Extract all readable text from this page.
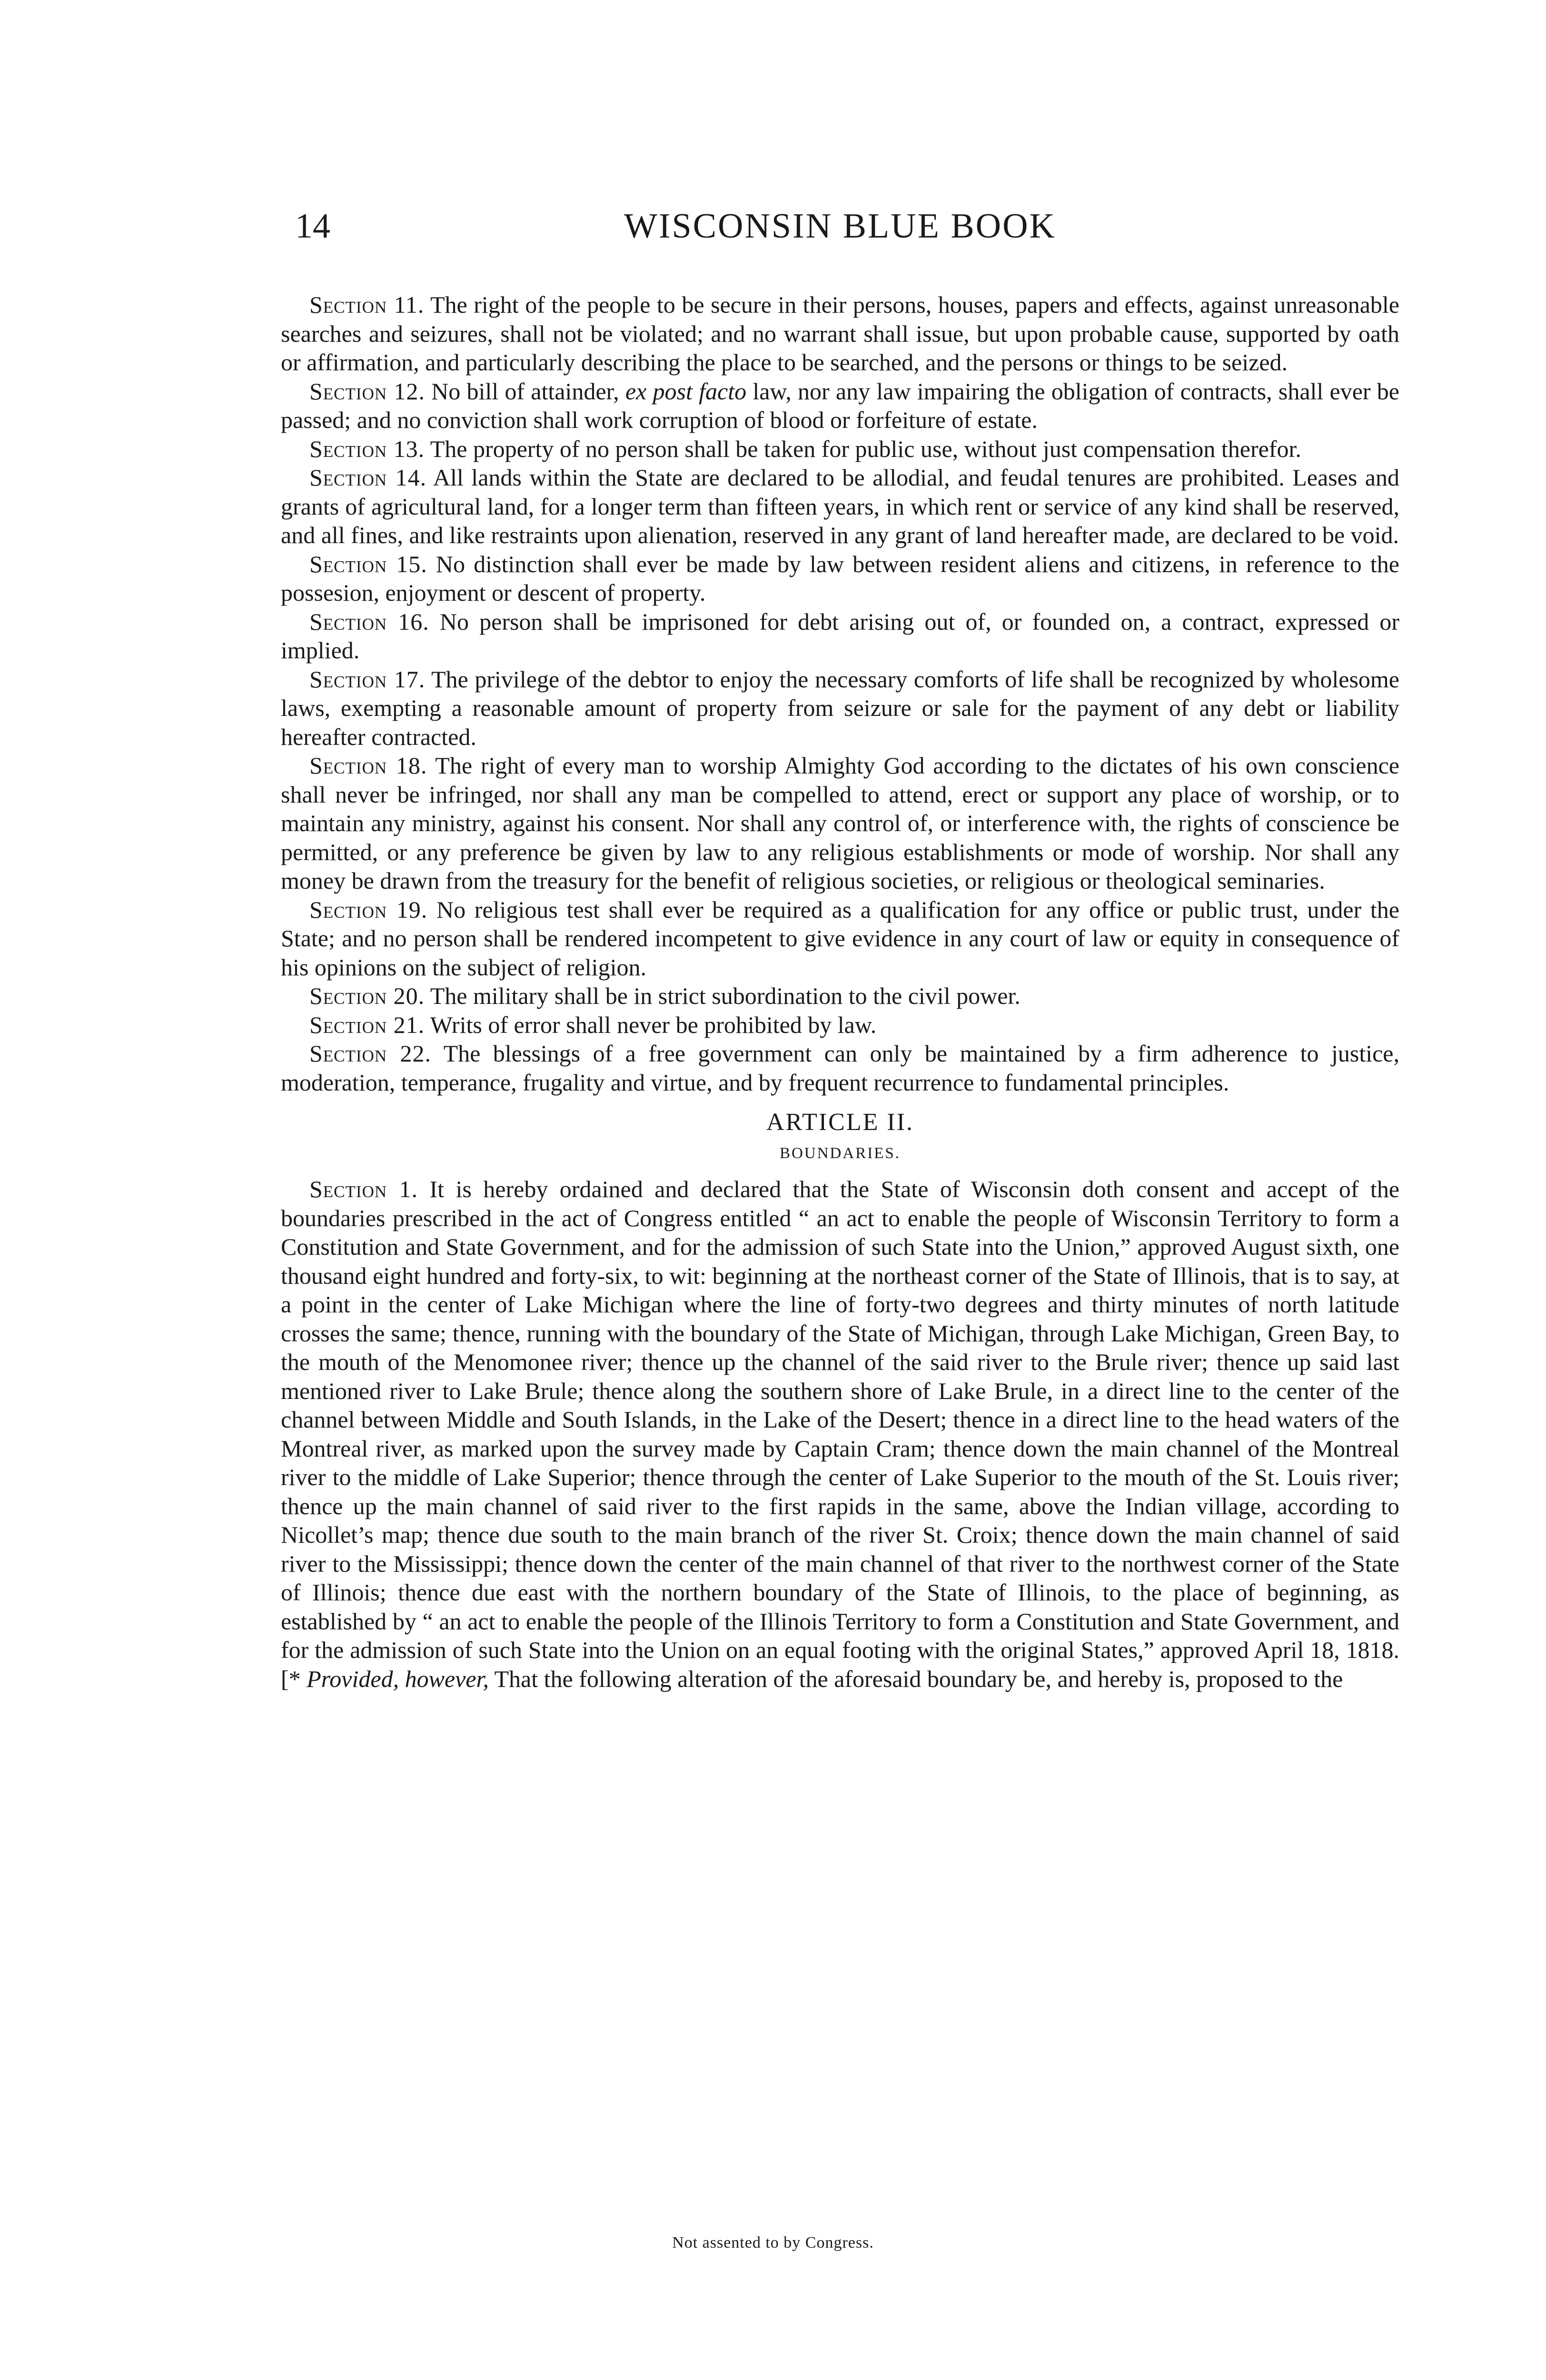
14	WISCONSIN BLUE BOOK

Section 11. The right of the people to be secure in their persons, houses, papers and effects, against unreasonable searches and seizures, shall not be violated; and no warrant shall issue, but upon probable cause, supported by oath or affirmation, and particularly describing the place to be searched, and the persons or things to be seized.

Section 12. No bill of attainder, ex post facto law, nor any law impairing the obligation of contracts, shall ever be passed; and no conviction shall work corruption of blood or forfeiture of estate.

Section 13. The property of no person shall be taken for public use, without just compensation therefor.

Section 14. All lands within the State are declared to be allodial, and feudal tenures are prohibited. Leases and grants of agricultural land, for a longer term than fifteen years, in which rent or service of any kind shall be reserved, and all fines, and like restraints upon alienation, reserved in any grant of land hereafter made, are declared to be void.

Section 15. No distinction shall ever be made by law between resident aliens and citizens, in reference to the possesion, enjoyment or descent of property.

Section 16. No person shall be imprisoned for debt arising out of, or founded on, a contract, expressed or implied.

Section 17. The privilege of the debtor to enjoy the necessary comforts of life shall be recognized by wholesome laws, exempting a reasonable amount of property from seizure or sale for the payment of any debt or liability hereafter contracted.

Section 18. The right of every man to worship Almighty God according to the dictates of his own conscience shall never be infringed, nor shall any man be compelled to attend, erect or support any place of worship, or to maintain any ministry, against his consent. Nor shall any control of, or interference with, the rights of conscience be permitted, or any preference be given by law to any religious establishments or mode of worship. Nor shall any money be drawn from the treasury for the benefit of religious societies, or religious or theological seminaries.

Section 19. No religious test shall ever be required as a qualification for any office or public trust, under the State; and no person shall be rendered incompetent to give evidence in any court of law or equity in consequence of his opinions on the subject of religion.

Section 20. The military shall be in strict subordination to the civil power.

Section 21. Writs of error shall never be prohibited by law.

Section 22. The blessings of a free government can only be maintained by a firm adherence to justice, moderation, temperance, frugality and virtue, and by frequent recurrence to fundamental principles.

ARTICLE II.
BOUNDARIES.

Section 1. It is hereby ordained and declared that the State of Wisconsin doth consent and accept of the boundaries prescribed in the act of Congress entitled “ an act to enable the people of Wisconsin Territory to form a Constitution and State Government, and for the admission of such State into the Union,” approved August sixth, one thousand eight hundred and forty-six, to wit: beginning at the northeast corner of the State of Illinois, that is to say, at a point in the center of Lake Michigan where the line of forty-two degrees and thirty minutes of north latitude crosses the same; thence, running with the boundary of the State of Michigan, through Lake Michigan, Green Bay, to the mouth of the Menomonee river; thence up the channel of the said river to the Brule river; thence up said last mentioned river to Lake Brule; thence along the southern shore of Lake Brule, in a direct line to the center of the channel between Middle and South Islands, in the Lake of the Desert; thence in a direct line to the head waters of the Montreal river, as marked upon the survey made by Captain Cram; thence down the main channel of the Montreal river to the middle of Lake Superior; thence through the center of Lake Superior to the mouth of the St. Louis river; thence up the main channel of said river to the first rapids in the same, above the Indian village, according to Nicollet’s map; thence due south to the main branch of the river St. Croix; thence down the main channel of said river to the Mississippi; thence down the center of the main channel of that river to the northwest corner of the State of Illinois; thence due east with the northern boundary of the State of Illinois, to the place of beginning, as established by “ an act to enable the people of the Illinois Territory to form a Constitution and State Government, and for the admission of such State into the Union on an equal footing with the original States,” approved April 18, 1818. [* Provided, however, That the following alteration of the aforesaid boundary be, and hereby is, proposed to the

Not assented to by Congress.
